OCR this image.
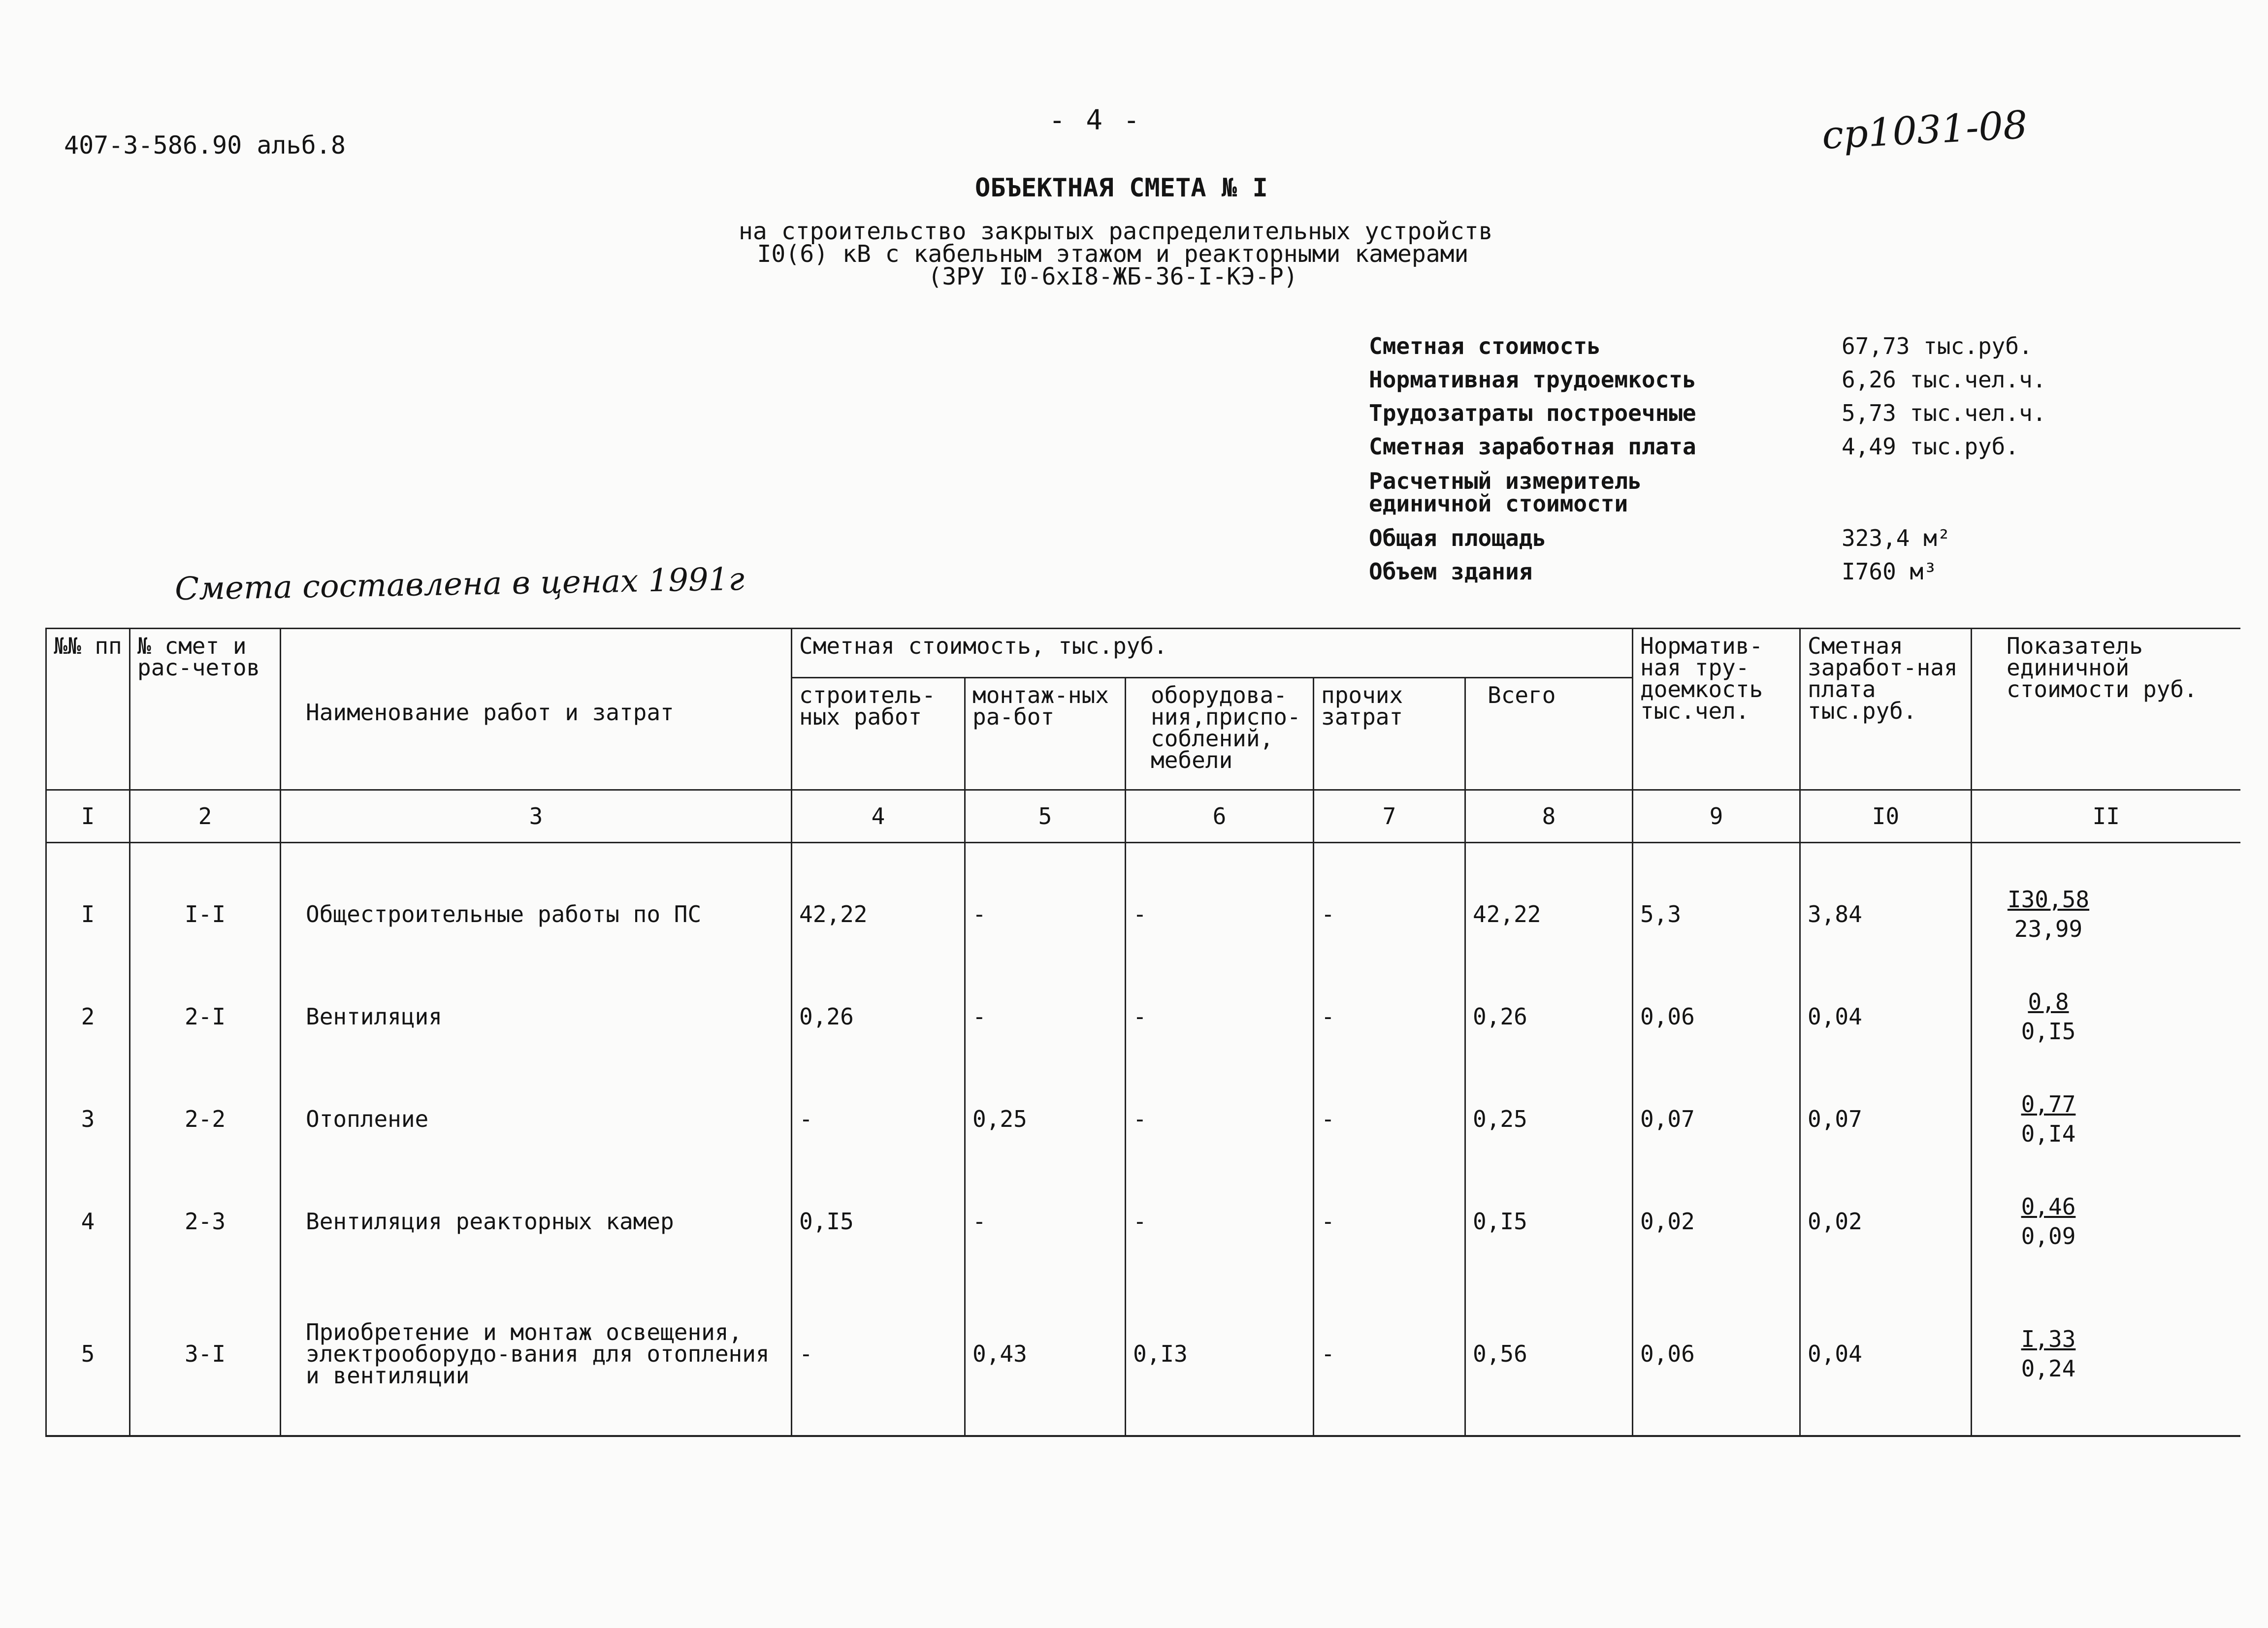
407-3-586.90 альб.8
- 4 -	ср1031-08
ОБЪЕКТНАЯ СМЕТА № I
на строительство закрытых распределительных устройств
I0(6) кВ с кабельным этажом и реакторными камерами
(ЗРУ I0-6хI8-ЖБ-36-I-КЭ-Р)
Сметная стоимость	67,73 тыс.руб.
Нормативная трудоемкость	6,26 тыс.чел.ч.
Трудозатраты построечные	5,73 тыс.чел.ч.
Сметная заработная плата	4,49 тыс.руб.
Расчетный измеритель
единичной стоимости
Общая площадь	323,4 м²
Объем здания	I760 м³
Смета составлена в ценах 1991г
№№ пп	№ смет и рас-четов	Наименование работ и затрат	Сметная стоимость, тыс.руб.					Норматив-ная тру-доемкость тыс.чел.	Сметная заработ-ная плата тыс.руб.	Показатель единичной стоимости руб.
			строитель-ных работ	монтаж-ных ра-бот	оборудова-ния,приспо-соблений, мебели	прочих затрат	Всего			
I	2	3	4	5	6	7	8	9	I0	II
I	I-I	Общестроительные работы по ПС	42,22	-	-	-	42,22	5,3	3,84	$\frac{I30,58}{23,99}$

2	2-I	Вентиляция	0,26	-	-	-	0,26	0,06	0,04	$\frac{0,8}{0,I5}$

3	2-2	Отопление	-	0,25	-	-	0,25	0,07	0,07	$\frac{0,77}{0,I4}$

4	2-3	Вентиляция реакторных камер	0,I5	-	-	-	0,I5	0,02	0,02	$\frac{0,46}{0,09}$

5	3-I	Приобретение и монтаж освещения, электрооборудо-вания для отопления и вентиляции	-	0,43	0,I3	-	0,56	0,06	0,04	$\frac{I,33}{0,24}$
